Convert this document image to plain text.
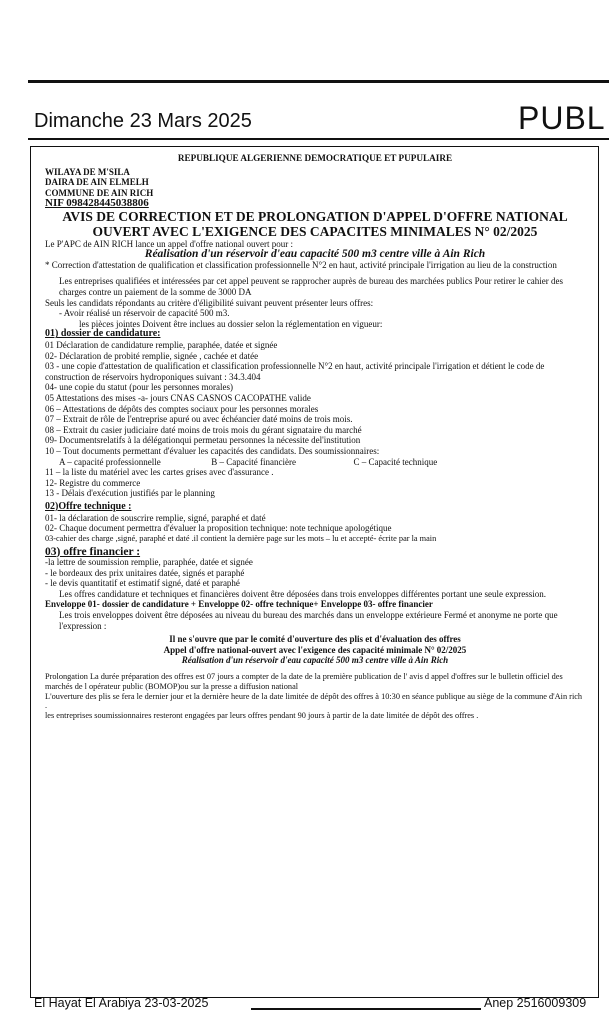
Dimanche 23 Mars 2025	PUBL

REPUBLIQUE ALGERIENNE DEMOCRATIQUE ET PUPULAIRE

WILAYA DE M'SILA

DAIRA DE AIN ELMELH

COMMUNE DE AIN RICH

NIF 098428445038806

AVIS DE CORRECTION ET DE PROLONGATION D'APPEL D'OFFRE NATIONAL

OUVERT AVEC L'EXIGENCE DES CAPACITES MINIMALES N° 02/2025

Le P'APC de AIN RICH lance un appel d'offre national ouvert pour :

Réalisation d'un réservoir d'eau capacité 500 m3 centre ville à Ain Rich

* Correction d'attestation de qualification et classification professionnelle N°2 en haut, activité principale l'irrigation au lieu de la construction

Les entreprises qualifiées et intéressées par cet appel peuvent se rapprocher auprès de bureau des marchées publics Pour retirer le cahier des charges contre un paiement de la somme de 3000 DA

Seuls les candidats répondants au critère d'éligibilité suivant peuvent présenter leurs offres:

- Avoir réalisé un réservoir de capacité 500 m3.

les pièces jointes Doivent être inclues au dossier selon la réglementation en vigueur:

01) dossier de candidature:

01 Déclaration de candidature remplie, paraphée, datée et signée

02- Déclaration de probité remplie, signée , cachée et datée

03 - une copie d'attestation de qualification et classification professionnelle N°2 en haut, activité principale l'irrigation et détient le code de construction de réservoirs hydroponiques suivant : 34.3.404

04- une copie du statut (pour les personnes morales)

05 Attestations des mises -a- jours CNAS CASNOS CACOPATHE valide

06 – Attestations de dépôts des comptes sociaux pour les personnes morales

07 – Extrait de rôle de l'entreprise apuré ou avec échéancier daté moins de trois mois.

08 – Extrait du casier judiciaire daté moins de trois mois du gérant signataire du marché

09- Documentsrelatifs à la délégationqui permetau personnes la nécessite del'institution

10 – Tout documents permettant d'évaluer les capacités des candidats. Des soumissionnaires:

A – capacité professionnelle	B – Capacité financière	C – Capacité technique

11 – la liste du matériel avec les cartes grises avec d'assurance .

12- Registre du commerce

13 - Délais d'exécution justifiés par le planning

02)Offre technique :

01- la déclaration de souscrire remplie, signé, paraphé et daté

02- Chaque document permettra d'évaluer la proposition technique: note technique apologétique

03-cahier des charge ,signé, paraphé et daté .il contient la dernière page sur les mots – lu et accepté- écrite par la main

03) offre financier :

-la lettre de soumission remplie, paraphée, datée et signée

- le bordeaux des prix unitaires datée, signés et paraphé

- le devis quantitatif et estimatif signé, daté et paraphé

Les offres candidature et techniques et financières doivent être déposées dans trois enveloppes différentes portant une seule expression.

Enveloppe 01- dossier de candidature + Enveloppe 02- offre technique+ Enveloppe 03- offre financier

Les trois enveloppes doivent être déposées au niveau du bureau des marchés dans un enveloppe extérieure Fermé et anonyme ne porte que l'expression :

Il ne s'ouvre que par le comité d'ouverture des plis et d'évaluation des offres

Appel d'offre national-ouvert avec l'exigence des capacité minimale N° 02/2025

Réalisation d'un réservoir d'eau capacité 500 m3 centre ville à Ain Rich

Prolongation La durée préparation des offres est 07 jours a compter de la date de la première publication de l' avis d appel d'offres sur le bulletin officiel des marchés de l opérateur public (BOMOP)ou sur la presse a diffusion national

L'ouverture des plis se fera le dernier jour et la dernière heure de la date limitée de dépôt des offres à 10:30 en séance publique au siège de la commune d'Ain rich .

les entreprises soumissionnaires resteront engagées par leurs offres pendant 90 jours à partir de la date limitée de dépôt des offres .

El Hayat El Arabiya 23-03-2025	Anep 2516009309
